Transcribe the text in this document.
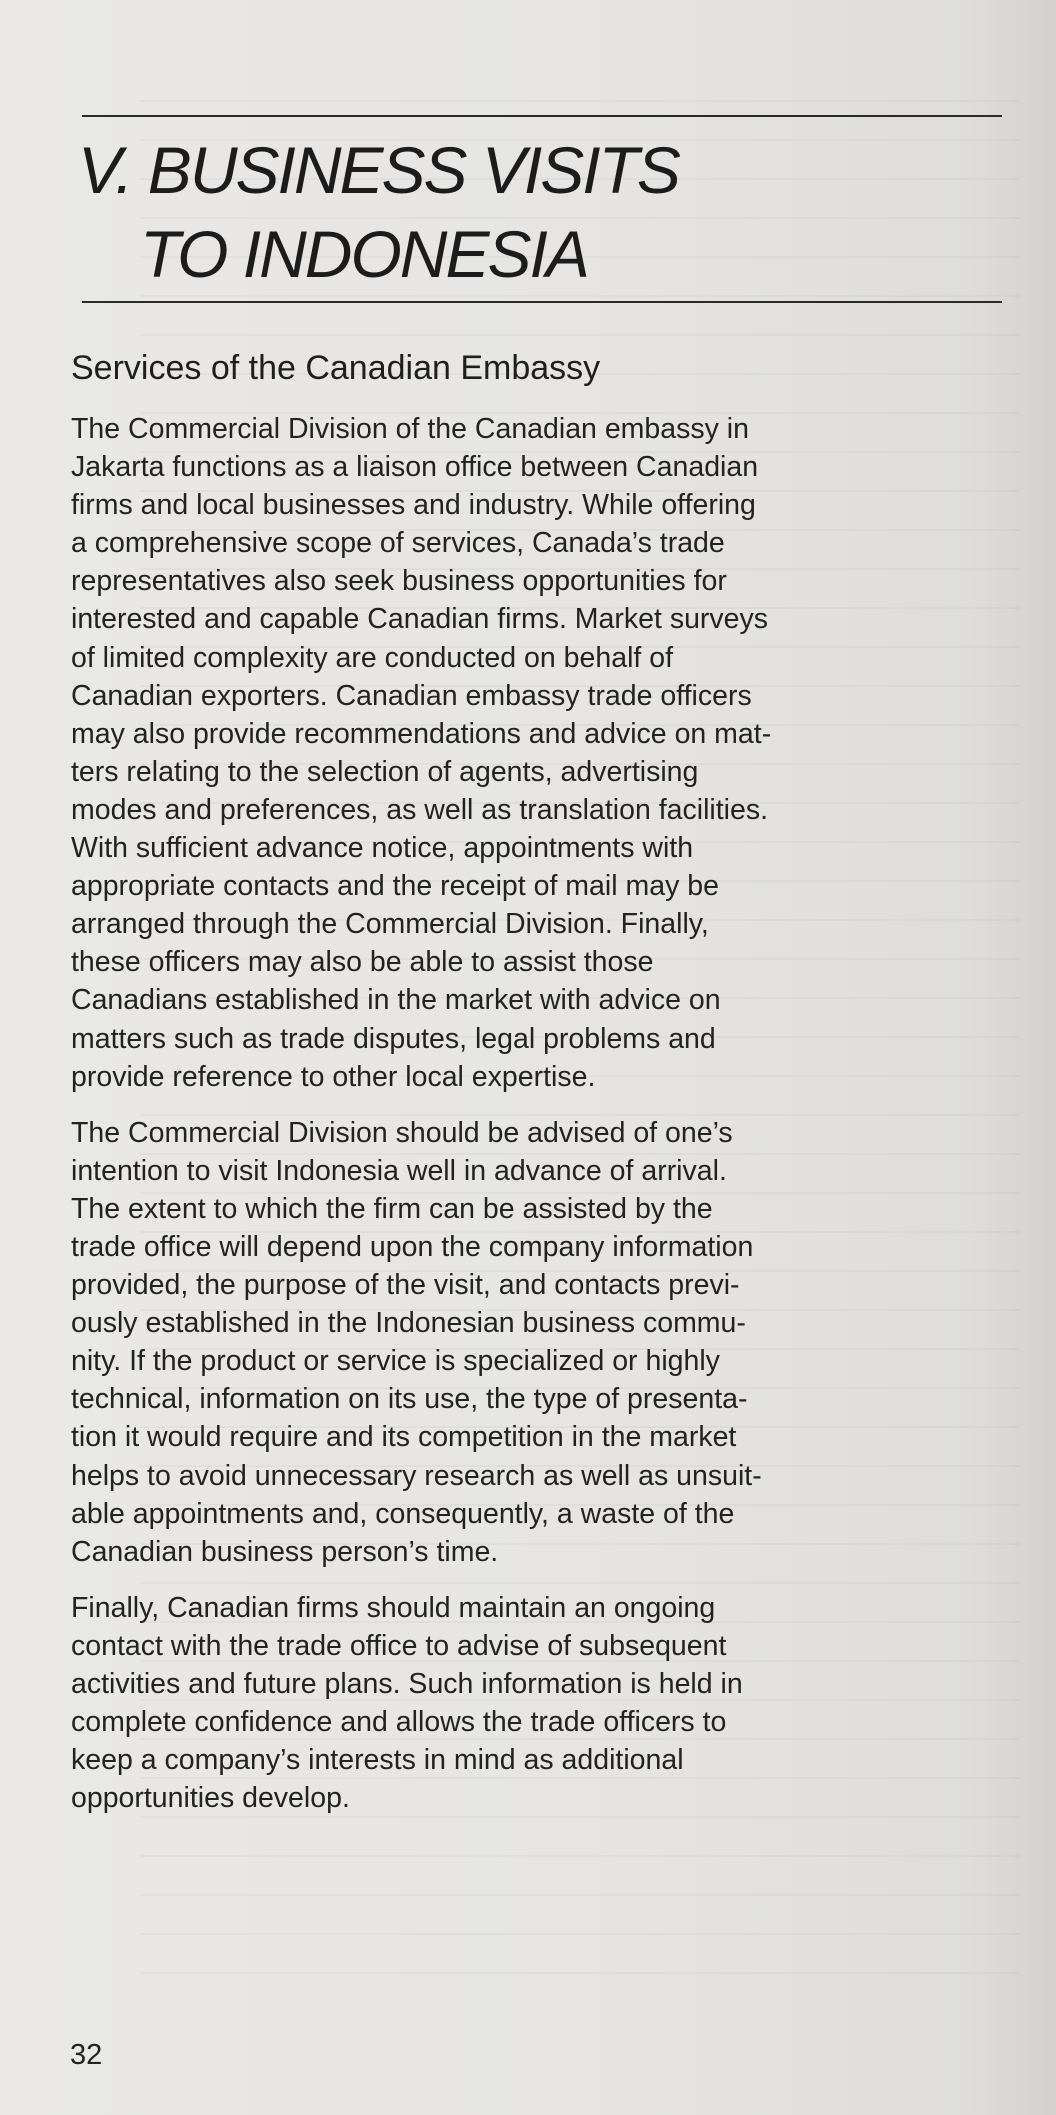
V. BUSINESS VISITS
TO INDONESIA
Services of the Canadian Embassy

The Commercial Division of the Canadian embassy in
Jakarta functions as a liaison office between Canadian
firms and local businesses and industry. While offering
a comprehensive scope of services, Canada’s trade
representatives also seek business opportunities for
interested and capable Canadian firms. Market surveys
of limited complexity are conducted on behalf of
Canadian exporters. Canadian embassy trade officers
may also provide recommendations and advice on mat-
ters relating to the selection of agents, advertising
modes and preferences, as well as translation facilities.
With sufficient advance notice, appointments with
appropriate contacts and the receipt of mail may be
arranged through the Commercial Division. Finally,
these officers may also be able to assist those
Canadians established in the market with advice on
matters such as trade disputes, legal problems and
provide reference to other local expertise.

The Commercial Division should be advised of one’s
intention to visit Indonesia well in advance of arrival.
The extent to which the firm can be assisted by the
trade office will depend upon the company information
provided, the purpose of the visit, and contacts previ-
ously established in the Indonesian business commu-
nity. If the product or service is specialized or highly
technical, information on its use, the type of presenta-
tion it would require and its competition in the market
helps to avoid unnecessary research as well as unsuit-
able appointments and, consequently, a waste of the
Canadian business person’s time.

Finally, Canadian firms should maintain an ongoing
contact with the trade office to advise of subsequent
activities and future plans. Such information is held in
complete confidence and allows the trade officers to
keep a company’s interests in mind as additional
opportunities develop.

32
